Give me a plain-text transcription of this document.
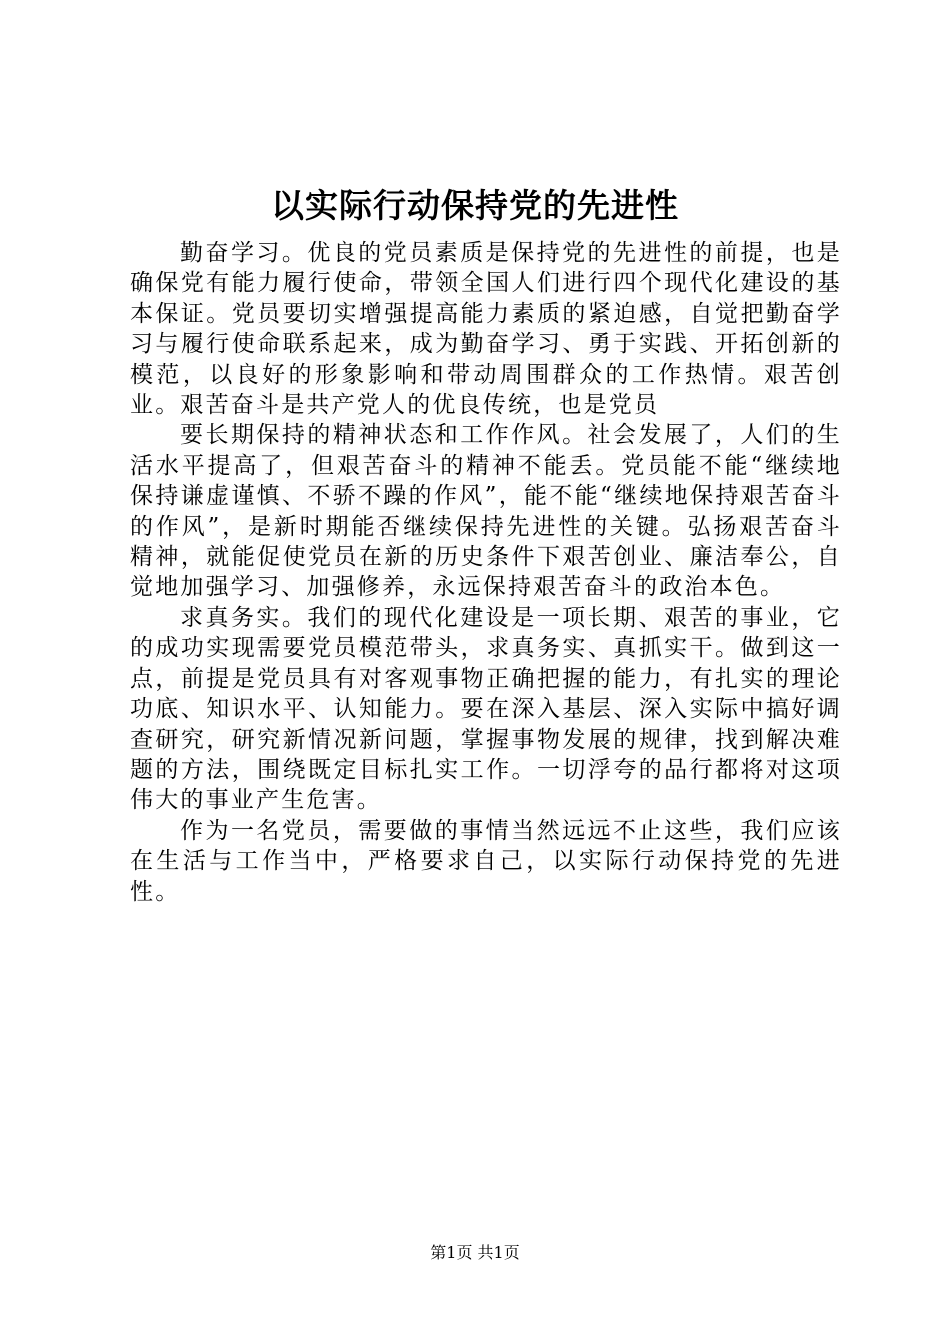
以实际行动保持党的先进性

勤奋学习。优良的党员素质是保持党的先进性的前提，也是确保党有能力履行使命，带领全国人们进行四个现代化建设的基本保证。党员要切实增强提高能力素质的紧迫感，自觉把勤奋学习与履行使命联系起来，成为勤奋学习、勇于实践、开拓创新的模范，以良好的形象影响和带动周围群众的工作热情。艰苦创业。艰苦奋斗是共产党人的优良传统，也是党员

要长期保持的精神状态和工作作风。社会发展了，人们的生活水平提高了，但艰苦奋斗的精神不能丢。党员能不能“继续地保持谦虚谨慎、不骄不躁的作风”，能不能“继续地保持艰苦奋斗的作风”，是新时期能否继续保持先进性的关键。弘扬艰苦奋斗精神，就能促使党员在新的历史条件下艰苦创业、廉洁奉公，自觉地加强学习、加强修养，永远保持艰苦奋斗的政治本色。

求真务实。我们的现代化建设是一项长期、艰苦的事业，它的成功实现需要党员模范带头，求真务实、真抓实干。做到这一点，前提是党员具有对客观事物正确把握的能力，有扎实的理论功底、知识水平、认知能力。要在深入基层、深入实际中搞好调查研究，研究新情况新问题，掌握事物发展的规律，找到解决难题的方法，围绕既定目标扎实工作。一切浮夸的品行都将对这项伟大的事业产生危害。

作为一名党员，需要做的事情当然远远不止这些，我们应该在生活与工作当中，严格要求自己，以实际行动保持党的先进性。

第1页 共1页
